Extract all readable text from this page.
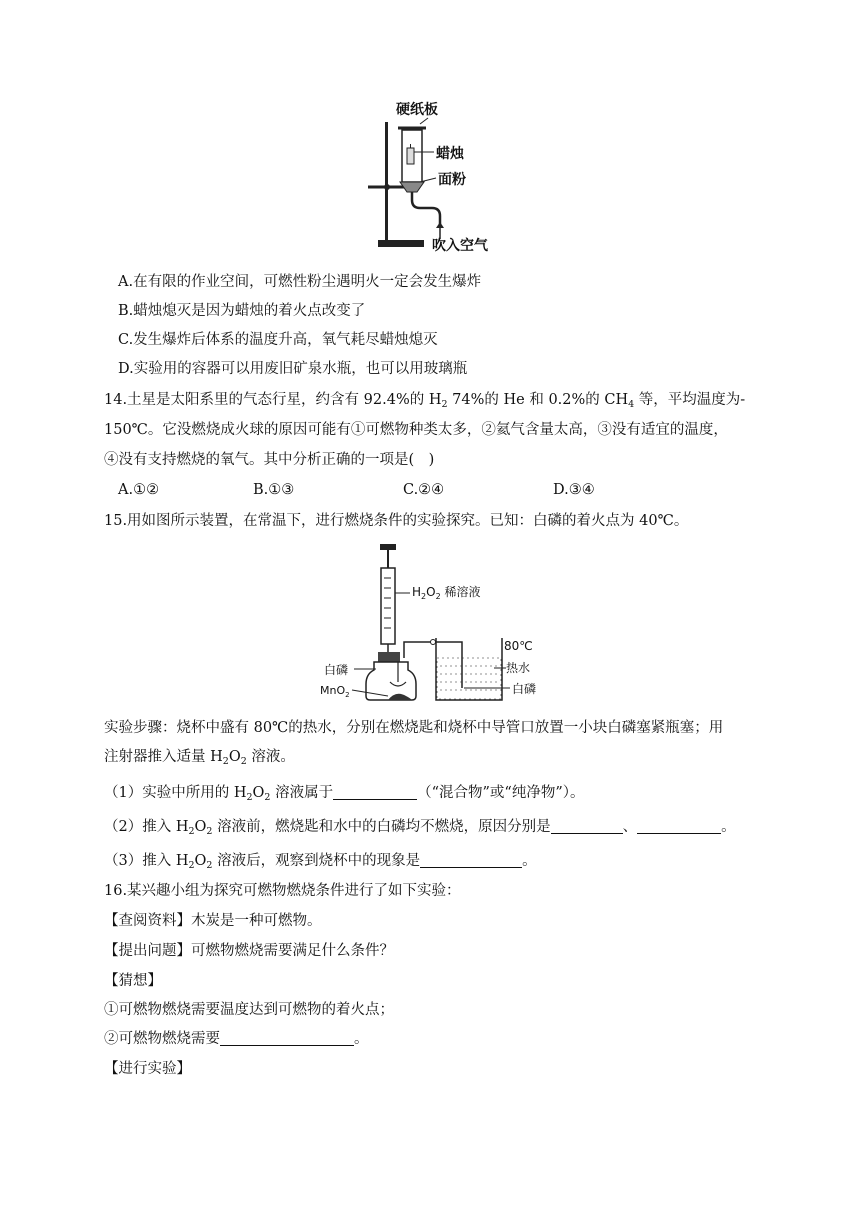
硬纸板
蜡烛
面粉
吹入空气
A.在有限的作业空间，可燃性粉尘遇明火一定会发生爆炸
B.蜡烛熄灭是因为蜡烛的着火点改变了
C.发生爆炸后体系的温度升高，氧气耗尽蜡烛熄灭
D.实验用的容器可以用废旧矿泉水瓶，也可以用玻璃瓶
14.土星是太阳系里的气态行星，约含有 92.4%的 $H_2$ 74%的 He 和 0.2%的 $CH_4$ 等，平均温度为-
150℃。它没燃烧成火球的原因可能有①可燃物种类太多，②氦气含量太高，③没有适宜的温度，
④没有支持燃烧的氧气。其中分析正确的一项是(　)
A.①②	B.①③	C.②④	D.③④
15.用如图所示装置，在常温下，进行燃烧条件的实验探究。已知：白磷的着火点为 40℃。
$H_2O_2$ 稀溶液
80℃
热水
白磷
MnO$_2$	白磷
实验步骤：烧杯中盛有 80℃的热水，分别在燃烧匙和烧杯中导管口放置一小块白磷塞紧瓶塞；用
注射器推入适量 $H_2O_2$ 溶液。
（1）实验中所用的 $H_2O_2$ 溶液属于	（“混合物”或“纯净物”）。
（2）推入 $H_2O_2$ 溶液前，燃烧匙和水中的白磷均不燃烧，原因分别是	、	。
（3）推入 $H_2O_2$ 溶液后，观察到烧杯中的现象是	。
16.某兴趣小组为探究可燃物燃烧条件进行了如下实验：
【查阅资料】木炭是一种可燃物。
【提出问题】可燃物燃烧需要满足什么条件？
【猜想】
①可燃物燃烧需要温度达到可燃物的着火点；
②可燃物燃烧需要	。
【进行实验】
